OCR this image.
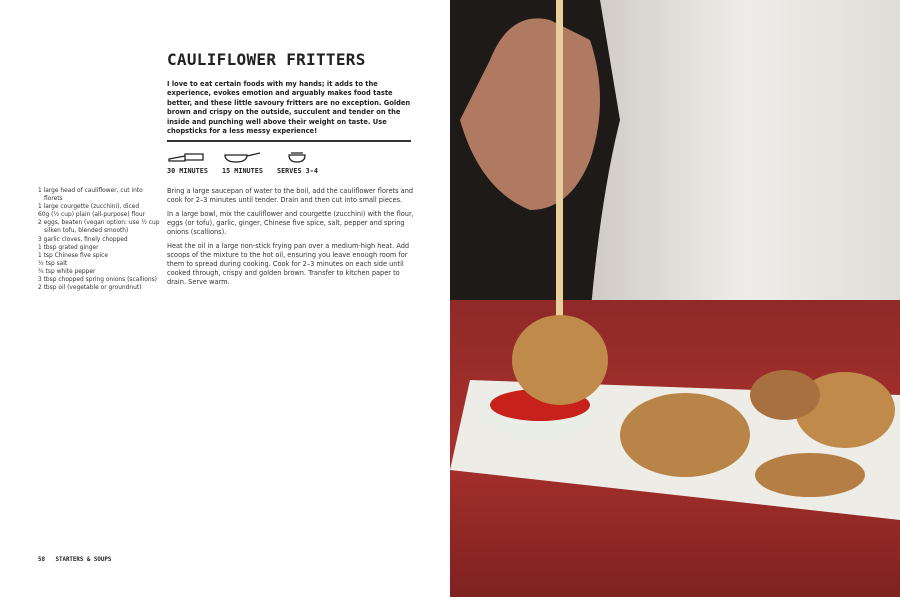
CAULIFLOWER FRITTERS

I love to eat certain foods with my hands; it adds to the experience, evokes emotion and arguably makes food taste better, and these little savoury fritters are no exception. Golden brown and crispy on the outside, succulent and tender on the inside and punching well above their weight on taste. Use chopsticks for a less messy experience!

30 MINUTES 15 MINUTES SERVES 3-4
1 large head of cauliflower, cut into florets
1 large courgette (zucchini), diced
60g (½ cup) plain (all-purpose) flour
2 eggs, beaten (vegan option: use ½ cup silken tofu, blended smooth)
3 garlic cloves, finely chopped
1 tbsp grated ginger
1 tsp Chinese five spice
½ tsp salt
¼ tsp white pepper
3 tbsp chopped spring onions (scallions)
2 tbsp oil (vegetable or groundnut)

Bring a large saucepan of water to the boil, add the cauliflower florets and cook for 2–3 minutes until tender. Drain and then cut into small pieces.

In a large bowl, mix the cauliflower and courgette (zucchini) with the flour, eggs (or tofu), garlic, ginger, Chinese five spice, salt, pepper and spring onions (scallions).

Heat the oil in a large non-stick frying pan over a medium-high heat. Add scoops of the mixture to the hot oil, ensuring you leave enough room for them to spread during cooking. Cook for 2–3 minutes on each side until cooked through, crispy and golden brown. Transfer to kitchen paper to drain. Serve warm.

58 STARTERS & SOUPS
